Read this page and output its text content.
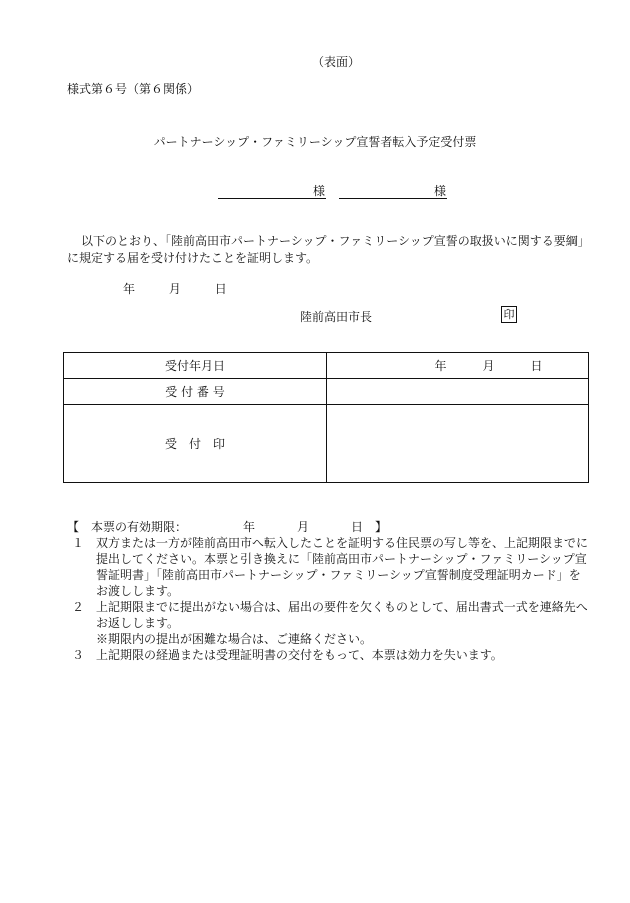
（表面）
様式第６号（第６関係）
パートナーシップ・ファミリーシップ宣誓者転入予定受付票
様	様
以下のとおり、「陸前高田市パートナーシップ・ファミリーシップ宣誓の取扱いに関する要綱」に規定する届を受け付けたことを証明します。
年	月	日
陸前高田市長	印
受付年月日	年 月 日
受 付 番 号	
受　付　印	
【　本票の有効期限：	年	月	日　】
１ 双方または一方が陸前高田市へ転入したことを証明する住民票の写し等を、上記期限までに提出してください。本票と引き換えに「陸前高田市パートナーシップ・ファミリーシップ宣誓証明書」「陸前高田市パートナーシップ・ファミリーシップ宣誓制度受理証明カード」をお渡しします。
２ 上記期限までに提出がない場合は、届出の要件を欠くものとして、届出書式一式を連絡先へお返しします。
※期限内の提出が困難な場合は、ご連絡ください。
３ 上記期限の経過または受理証明書の交付をもって、本票は効力を失います。
